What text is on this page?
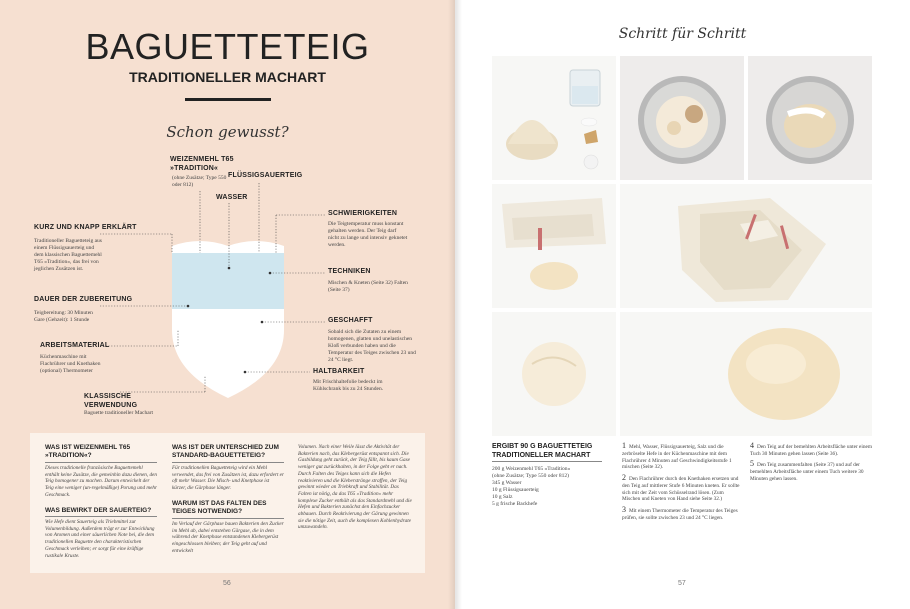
BAGUETTETEIG
TRADITIONELLER MACHART
Schon gewusst?
WEIZENMEHL T65 »TRADITION«
(ohne Zusätze; Type 550 oder 812)
FLÜSSIGSAUERTEIG
WASSER
KURZ UND KNAPP ERKLÄRT
Traditioneller Baguetteteig aus einem Flüssigsauerteig und dem klassischen Baguettemehl T65 »Tradition«, das frei von jeglichen Zusätzen ist.
DAUER DER ZUBEREITUNG
Teigbereitung: 30 Minuten Gare (Gehzeit): 1 Stunde
ARBEITSMATERIAL
Küchenmaschine mit Flachrührer und Knethaken (optional) Thermometer
KLASSISCHE VERWENDUNG
Baguette traditioneller Machart
SCHWIERIGKEITEN
Die Teigtemperatur muss konstant gehalten werden. Der Teig darf nicht zu lange und intensiv geknetet werden.
TECHNIKEN
Mischen & Kneten (Seite 32) Falten (Seite 37)
GESCHAFFT
Sobald sich die Zutaten zu einem homogenen, glatten und unelastischen Kloß verbunden haben und die Temperatur des Teiges zwischen 23 und 24 °C liegt.
HALTBARKEIT
Mit Frischhaltefolie bedeckt im Kühlschrank bis zu 24 Stunden.
WAS IST WEIZENMEHL T65 »TRADITION«?
Dieses traditionelle französische Baguettemehl enthält keine Zusätze, die gemeinhin dazu dienen, den Teig homogener zu machen. Darum entwickelt der Teig eine weniger (un-regelmäßige) Porung und mehr Geschmack.
WAS BEWIRKT DER SAUERTEIG?
Wie Hefe dient Sauerteig als Triebmittel zur Volumenbildung. Außerdem trägt er zur Entwicklung von Aromen und einer säuerlichen Note bei, die dem traditionellen Baguette den charakteristischen Geschmack verleihen; er sorgt für eine kräftige rustikale Kruste.
WAS IST DER UNTERSCHIED ZUM STANDARD-BAGUETTETEIG?
Für traditionellen Baguetteteig wird ein Mehl verwendet, das frei von Zusätzen ist, dazu erfordert er oft mehr Wasser. Die Misch- und Knetphase ist kürzer, die Gärphase länger.
WARUM IST DAS FALTEN DES TEIGES NOTWENDIG?
Im Verlauf der Gärphase bauen Bakterien den Zucker im Mehl ab, dabei entstehen Gärgase, die in dem während der Knetphase entstandenen Klebergerüst eingeschlossen bleiben; der Teig geht auf und entwickelt
Volumen. Nach einer Weile lässt die Aktivität der Bakterien nach, das Klebergerüst entspannt sich. Die Gasbildung geht zurück, der Teig fällt, bis kaum Gase weniger gut zurückhalten, in der Folge geht er nach. Durch Falten des Teiges kann sich die Hefen reaktivieren und die Kleberstränge straffen, der Teig gewinnt wieder an Triebkraft und Stabilität. Das Falten ist nötig, da das T65 »Tradition« mehr komplexe Zucker enthält als das Standardmehl und die Hefen und Bakterien zunächst den Einfachzucker abbauen. Durch Reaktivierung der Gärung gewinnen sie die nötige Zeit, auch die komplexen Kohlenhydrate umzuwandeln.
56
Schritt für Schritt
ERGIBT 90 G BAGUETTETEIG TRADITIONELLER MACHART
200 g Weizenmehl T65 »Tradition«
(ohne Zusätze; Type 550 oder 812)
345 g Wasser
10 g Flüssigsauerteig
10 g Salz
5 g frische Backhefe
1 Mehl, Wasser, Flüssigsauerteig, Salz und die zerbröselte Hefe in der Küchenmaschine mit dem Flachrührer 4 Minuten auf Geschwindigkeitsstufe 1 mischen (Seite 32).
2 Den Flachrührer durch den Knethaken ersetzen und den Teig auf mittlerer Stufe 6 Minuten kneten. Er sollte sich mit der Zeit vom Schüsselrand lösen. (Zum Mischen und Kneten von Hand siehe Seite 32.)
3 Mit einem Thermometer die Temperatur des Teiges prüfen, sie sollte zwischen 23 und 24 °C liegen.
4 Den Teig auf der bemehlten Arbeitsfläche unter einem Tuch 30 Minuten gehen lassen (Seite 36).
5 Den Teig zusammenfalten (Seite 37) und auf der bemehlten Arbeitsfläche unter einem Tuch weitere 30 Minuten gehen lassen.
57
